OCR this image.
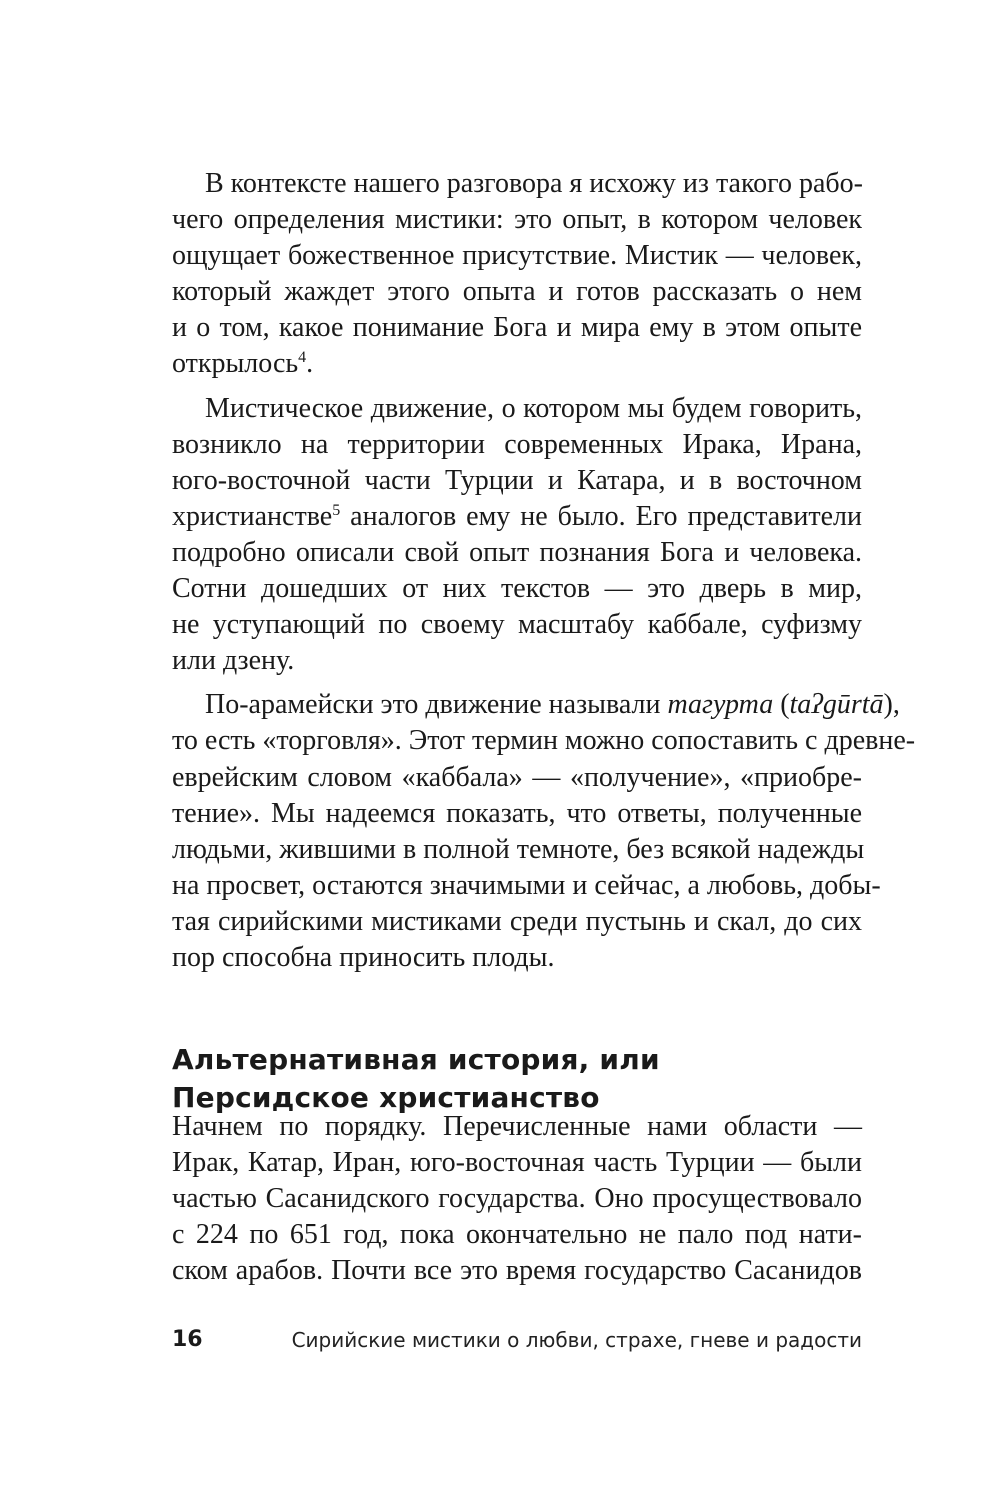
В контексте нашего разговора я исхожу из такого рабо-
чего определения мистики: это опыт, в котором человек
ощущает божественное присутствие. Мистик — человек,
который жаждет этого опыта и готов рассказать о нем
и о том, какое понимание Бога и мира ему в этом опыте
открылось$^4$.

Мистическое движение, о котором мы будем говорить,
возникло на территории современных Ирака, Ирана,
юго-восточной части Турции и Катара, и в восточном
христианстве$^5$ аналогов ему не было. Его представители
подробно описали свой опыт познания Бога и человека.
Сотни дошедших от них текстов — это дверь в мир,
не уступающий по своему масштабу каббале, суфизму
или дзену.

По-арамейски это движение называли тагурта (taʔgūrtā),
то есть «торговля». Этот термин можно сопоставить с древне-
еврейским словом «каббала» — «получение», «приобре-
тение». Мы надеемся показать, что ответы, полученные
людьми, жившими в полной темноте, без всякой надежды
на просвет, остаются значимыми и сейчас, а любовь, добы-
тая сирийскими мистиками среди пустынь и скал, до сих
пор способна приносить плоды.

Альтернативная история, или
Персидское христианство

Начнем по порядку. Перечисленные нами области —
Ирак, Катар, Иран, юго-восточная часть Турции — были
частью Сасанидского государства. Оно просуществовало
с 224 по 651 год, пока окончательно не пало под нати-
ском арабов. Почти все это время государство Сасанидов

16	Сирийские мистики о любви, страхе, гневе и радости
